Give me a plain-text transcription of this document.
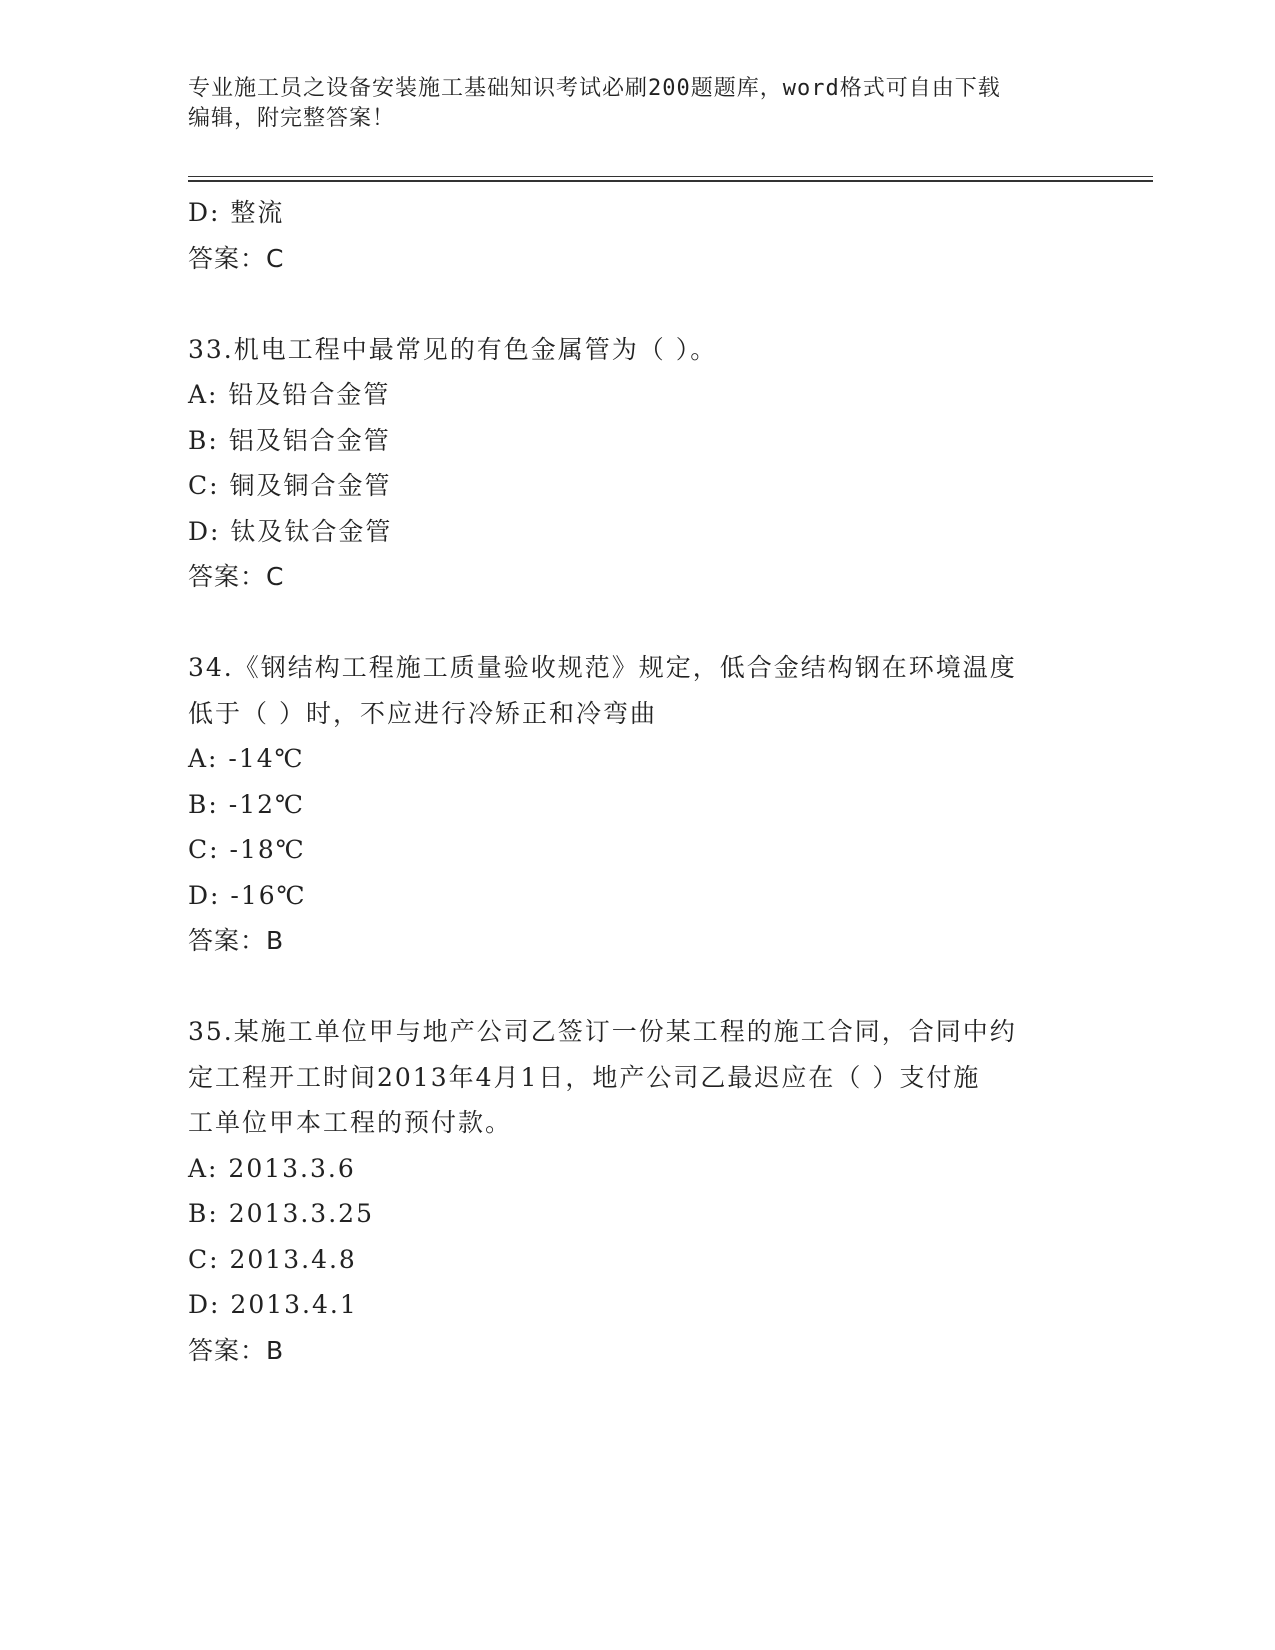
专业施工员之设备安装施工基础知识考试必刷200题题库，word格式可自由下载
编辑，附完整答案！
D: 整流
答案：C
33.机电工程中最常见的有色金属管为（ ）。
A: 铅及铅合金管
B: 铝及铝合金管
C: 铜及铜合金管
D: 钛及钛合金管
答案：C
34.《钢结构工程施工质量验收规范》规定，低合金结构钢在环境温度
低于（ ）时，不应进行冷矫正和冷弯曲
A: -14℃
B: -12℃
C: -18℃
D: -16℃
答案：B
35.某施工单位甲与地产公司乙签订一份某工程的施工合同，合同中约
定工程开工时间2013年4月1日，地产公司乙最迟应在（ ）支付施
工单位甲本工程的预付款。
A: 2013.3.6
B: 2013.3.25
C: 2013.4.8
D: 2013.4.1
答案：B
